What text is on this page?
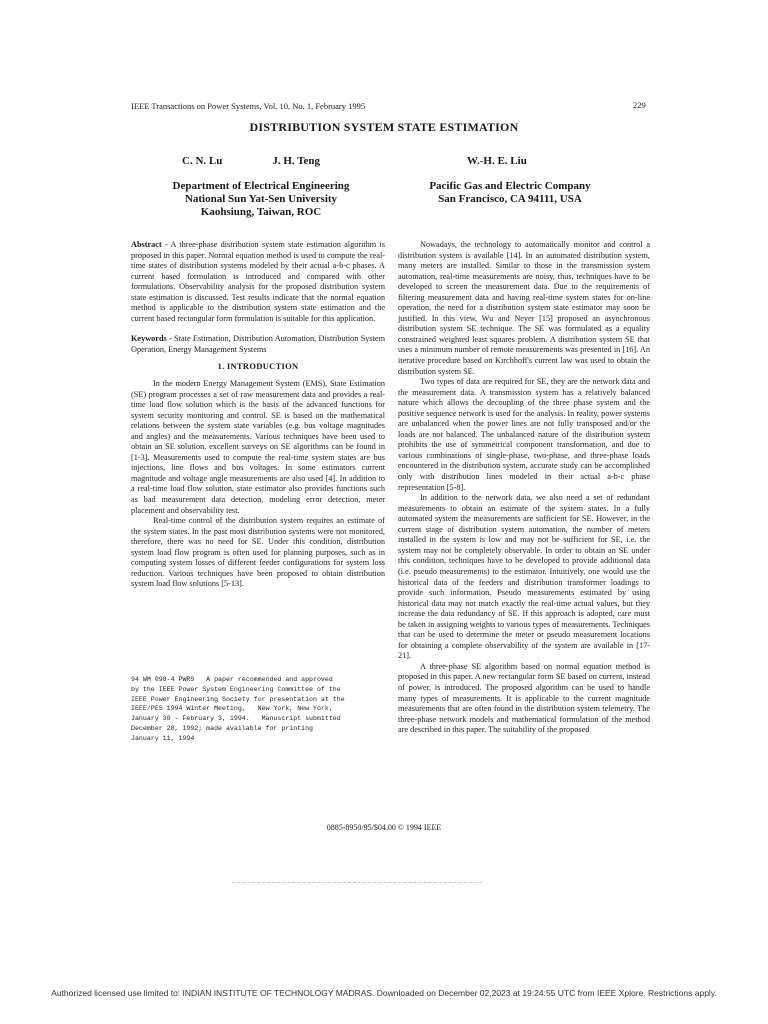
IEEE Transactions on Power Systems, Vol. 10, No. 1, February 1995	229
DISTRIBUTION SYSTEM STATE ESTIMATION
C. N. Lu	J. H. Teng	W.-H. E. Liu
Department of Electrical Engineering
National Sun Yat-Sen University
Kaohsiung, Taiwan, ROC
Pacific Gas and Electric Company
San Francisco, CA 94111, USA

Abstract - A three-phase distribution system state estimation algorithm is proposed in this paper. Normal equation method is used to compute the real-time states of distribution systems modeled by their actual a-b-c phases. A current based formulation is introduced and compared with other formulations. Observability analysis for the proposed distribution system state estimation is discussed. Test results indicate that the normal equation method is applicable to the distribution system state estimation and the current based rectangular form formulation is suitable for this application.

Keywords - State Estimation, Distribution Automation, Distribution System Operation, Energy Management Systems

1. INTRODUCTION

In the modern Energy Management System (EMS), State Estimation (SE) program processes a set of raw measurement data and provides a real-time load flow solution which is the basis of the advanced functions for system security monitoring and control. SE is based on the mathematical relations between the system state variables (e.g. bus voltage magnitudes and angles) and the measurements. Various techniques have been used to obtain an SE solution, excellent surveys on SE algorithms can be found in [1-3]. Measurements used to compute the real-time system states are bus injections, line flows and bus voltages. In some estimators current magnitude and voltage angle measurements are also used [4]. In addition to a real-time load flow solution, state estimator also provides functions such as bad measurement data detection, modeling error detection, meter placement and observability test.

Real-time control of the distribution system requires an estimate of the system states. In the past most distribution systems were not monitored, therefore, there was no need for SE. Under this condition, distribution system load flow program is often used for planning purposes, such as in computing system losses of different feeder configurations for system loss reduction. Various techniques have been proposed to obtain distribution system load flow solutions [5-13].

94 WM 098-4 PWRS   A paper recommended and approved
by the IEEE Power System Engineering Committee of the
IEEE Power Engineering Society for presentation at the
IEEE/PES 1994 Winter Meeting,   New York, New York,
January 30 - February 3, 1994.   Manuscript submitted
December 28, 1992; made available for printing
January 11, 1994

Nowadays, the technology to automatically monitor and control a distribution system is available [14]. In an automated distribution system, many meters are installed. Similar to those in the transmission system automation, real-time measurements are noisy, thus, techniques have to be developed to screen the measurement data. Due to the requirements of filtering measurement data and having real-time system states for on-line operation, the need for a distribution system state estimator may soon be justified. In this view, Wu and Neyer [15] proposed an asynchronous distribution system SE technique. The SE was formulated as a equality constrained weighted least squares problem. A distribution system SE that uses a minimum number of remote measurements was presented in [16]. An iterative procedure based on Kirchhoff's current law was used to obtain the distribution system SE.

Two types of data are required for SE, they are the network data and the measurement data. A transmission system has a relatively balanced nature which allows the decoupling of the three phase system and the positive sequence network is used for the analysis. In reality, power systems are unbalanced when the power lines are not fully transposed and/or the loads are not balanced. The unbalanced nature of the distribution system prohibits the use of symmetrical component transformation, and due to various combinations of single-phase, two-phase, and three-phase loads encountered in the distribution system, accurate study can be accomplished only with distribution lines modeled in their actual a-b-c phase representation [5-8].

In addition to the network data, we also need a set of redundant measurements to obtain an estimate of the system states. In a fully automated system the measurements are sufficient for SE. However, in the current stage of distribution system automation, the number of meters installed in the system is low and may not be sufficient for SE, i.e. the system may not be completely observable. In order to obtain an SE under this condition, techniques have to be developed to provide additional data (i.e. pseudo measurements) to the estimator. Intuitively, one would use the historical data of the feeders and distribution transformer loadings to provide such information. Pseudo measurements estimated by using historical data may not match exactly the real-time actual values, but they increase the data redundancy of SE. If this approach is adopted, care must be taken in assigning weights to various types of measurements. Techniques that can be used to determine the meter or pseudo measurement locations for obtaining a complete observability of the system are available in [17-21].

A three-phase SE algorithm based on normal equation method is proposed in this paper. A new rectangular form SE based on current, instead of power, is introduced. The proposed algorithm can be used to handle many types of measurements. It is applicable to the current magnitude measurements that are often found in the distribution system telemetry. The three-phase network models and mathematical formulation of the method are described in this paper. The suitability of the proposed

0885-8950/95/$04.00 © 1994 IEEE
Authorized licensed use limited to: INDIAN INSTITUTE OF TECHNOLOGY MADRAS. Downloaded on December 02,2023 at 19:24:55 UTC from IEEE Xplore. Restrictions apply.
